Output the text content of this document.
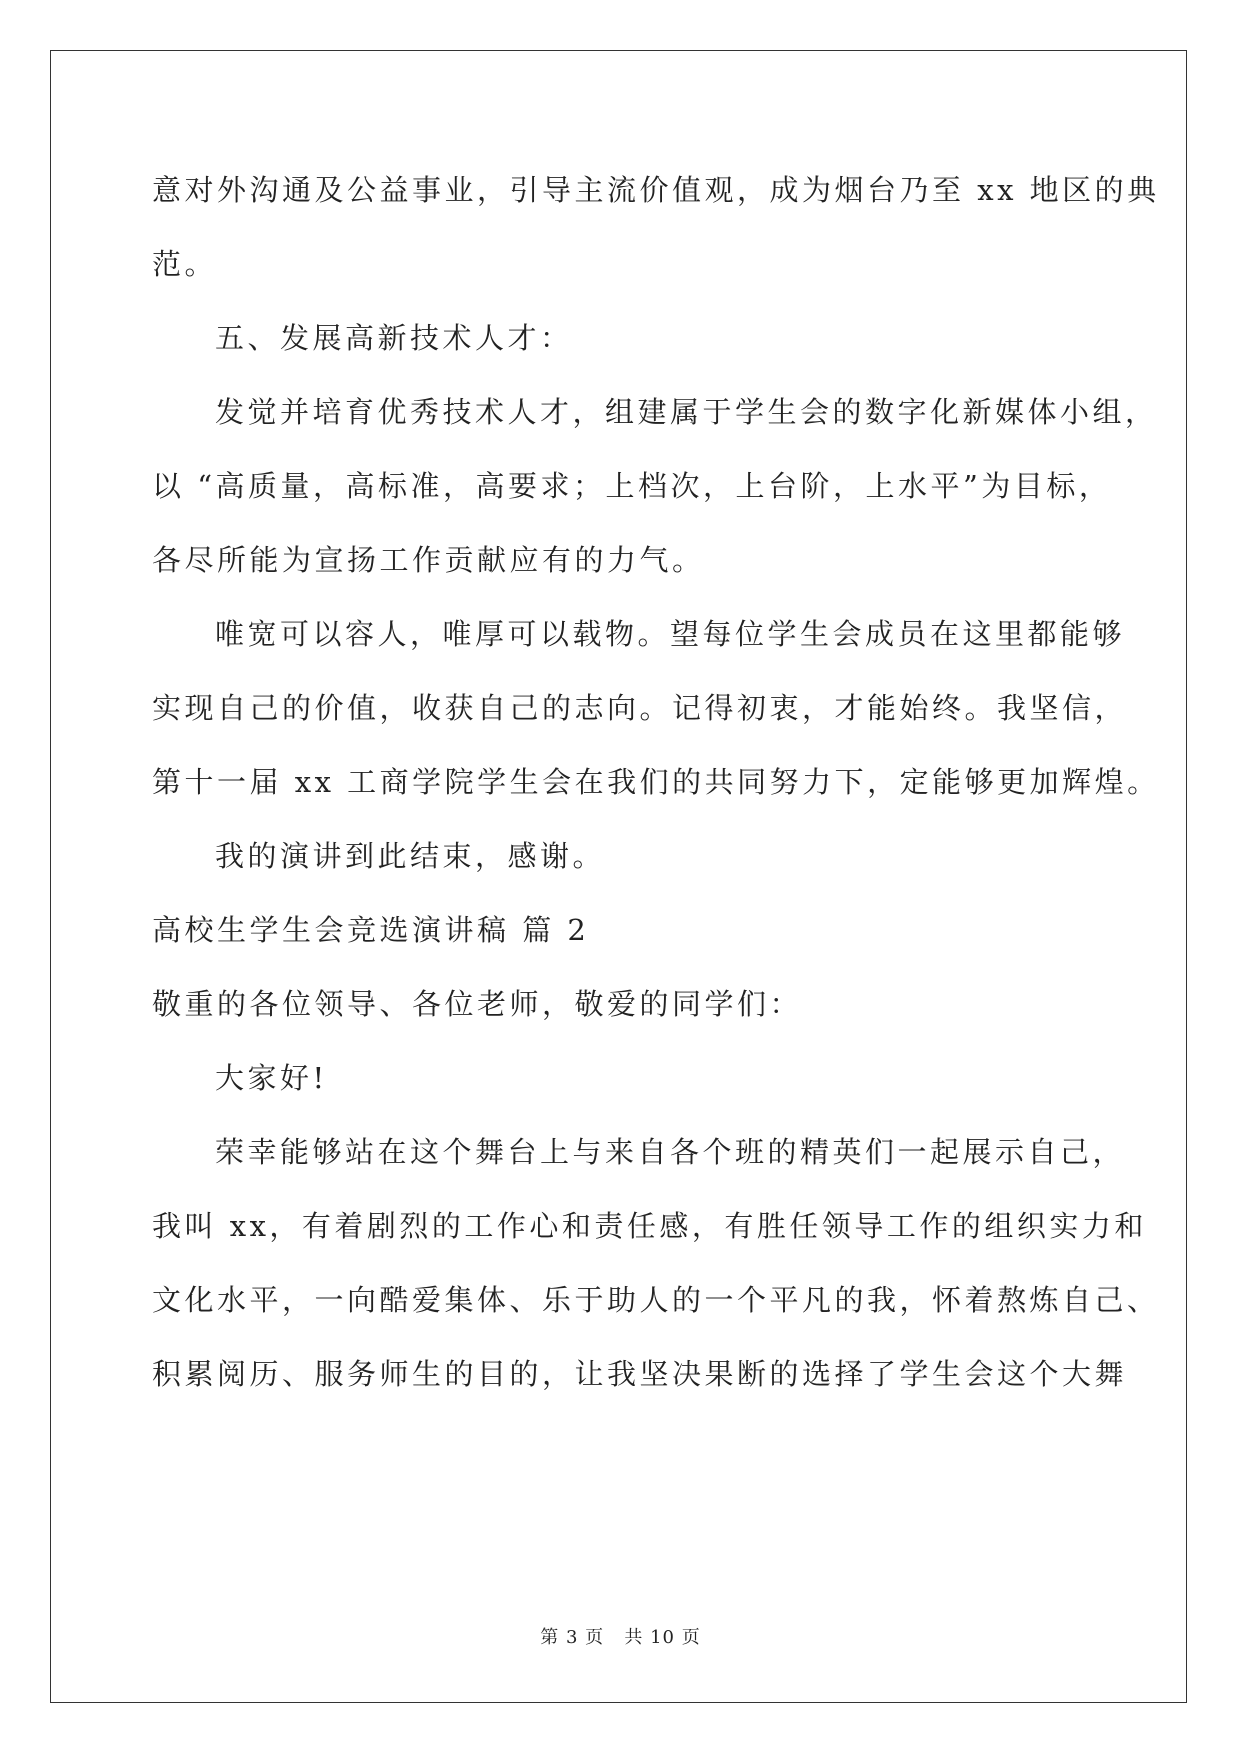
意对外沟通及公益事业，引导主流价值观，成为烟台乃至 xx 地区的典
范。
五、发展高新技术人才：
发觉并培育优秀技术人才，组建属于学生会的数字化新媒体小组，
以 “高质量，高标准，高要求；上档次，上台阶，上水平”为目标，
各尽所能为宣扬工作贡献应有的力气。
唯宽可以容人，唯厚可以载物。望每位学生会成员在这里都能够
实现自己的价值，收获自己的志向。记得初衷，才能始终。我坚信，
第十一届 xx 工商学院学生会在我们的共同努力下，定能够更加辉煌。
我的演讲到此结束，感谢。
高校生学生会竞选演讲稿 篇 2
敬重的各位领导、各位老师，敬爱的同学们：
大家好!
荣幸能够站在这个舞台上与来自各个班的精英们一起展示自己，
我叫 xx，有着剧烈的工作心和责任感，有胜任领导工作的组织实力和
文化水平，一向酷爱集体、乐于助人的一个平凡的我，怀着熬炼自己、
积累阅历、服务师生的目的，让我坚决果断的选择了学生会这个大舞
第 3 页   共 10 页
